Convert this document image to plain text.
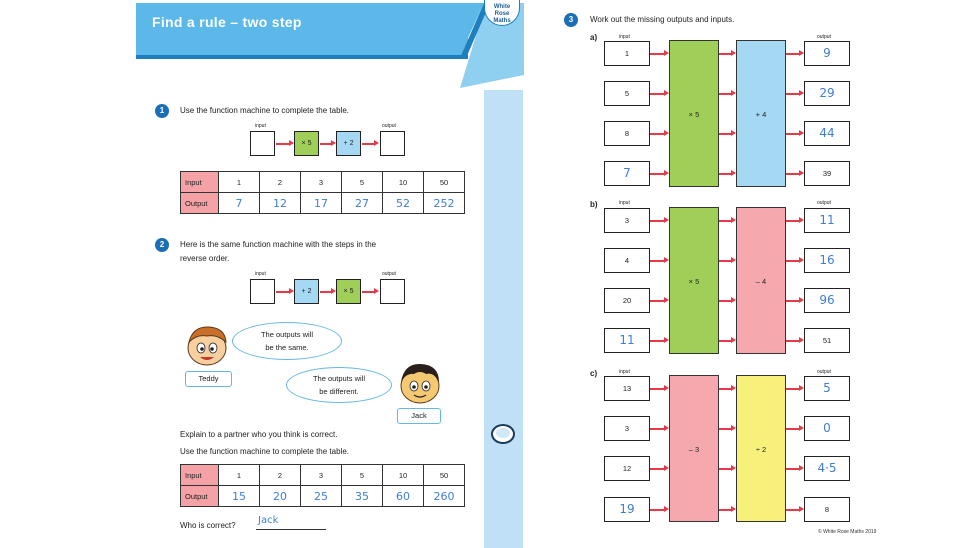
Find a rule – two step
White
Rose
Maths
1	Use the function machine to complete the table.
input	output
× 5	+ 2
Input	1	2	3	5	10	50
Output	7	12	17	27	52	252
2	Here is the same function machine with the steps in the
reverse order.
input	output
+ 2	× 5
The outputs will
be the same.
Teddy	The outputs will
be different.
Jack
Explain to a partner who you think is correct.
Use the function machine to complete the table.
Input	1	2	3	5	10	50
Output	15	20	25	35	60	260
Who is correct? Jack
3	Work out the missing outputs and inputs.
a)	input	output
1
5
8
7
× 5	+ 4
9
29
44
39
b)	input	output
3
4
20
11
× 5	– 4
11
16
96
51
c)	input	output
13
3
12
19
– 3	÷ 2
5
0
4·5
8
© White Rose Maths 2019
